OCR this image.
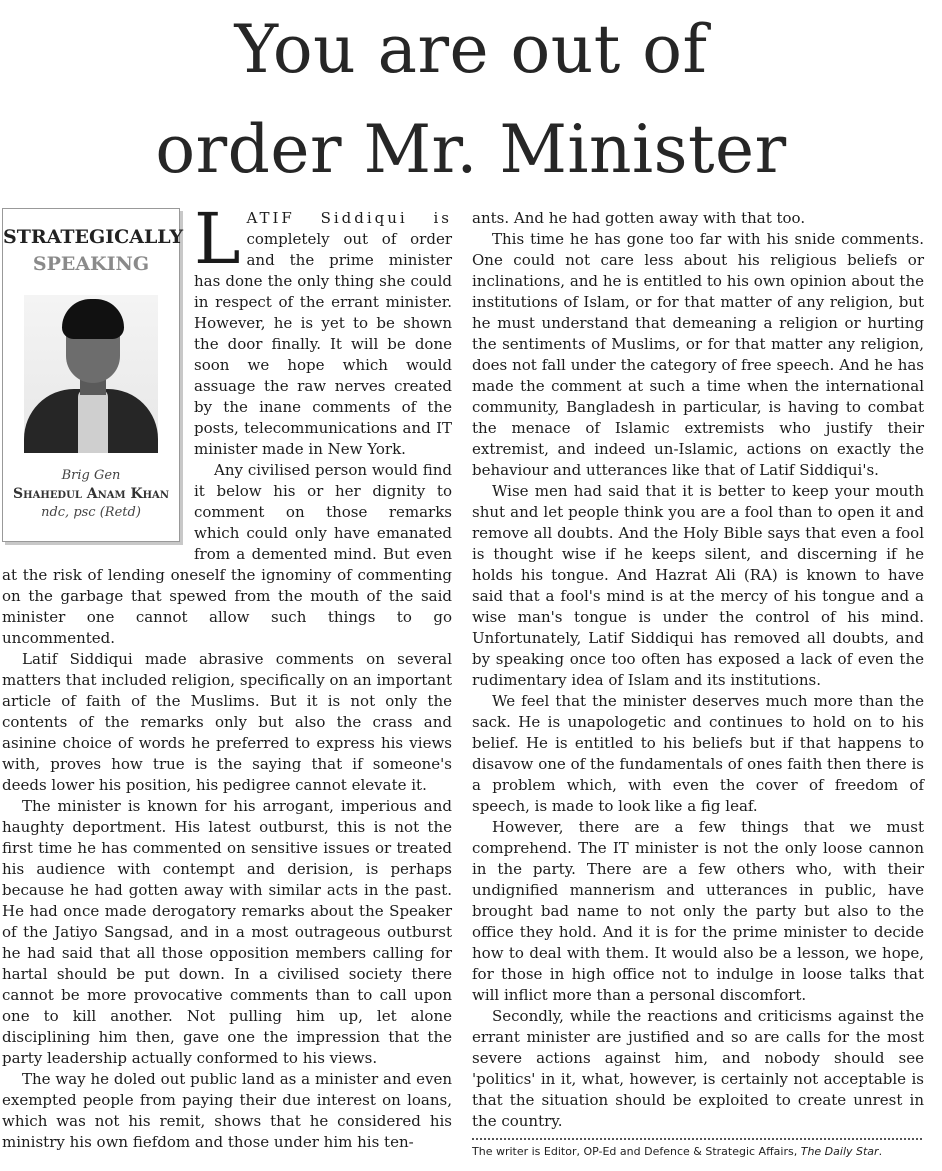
You are out of
order Mr. Minister
STRATEGICALLY
SPEAKING
Brig Gen
Shahedul Anam Khan
ndc, psc (Retd)

LATIF Siddiqui is completely out of order and the prime minister has done the only thing she could in respect of the errant minister. However, he is yet to be shown the door finally. It will be done soon we hope which would assuage the raw nerves created by the inane comments of the posts, telecommunications and IT minister made in New York.

Any civilised person would find it below his or her dignity to comment on those remarks which could only have emanated from a demented mind. But even at the risk of lending oneself the ignominy of commenting on the garbage that spewed from the mouth of the said minister one cannot allow such things to go uncommented.

Latif Siddiqui made abrasive comments on several matters that included religion, specifically on an important article of faith of the Muslims. But it is not only the contents of the remarks only but also the crass and asinine choice of words he preferred to express his views with, proves how true is the saying that if someone's deeds lower his position, his pedigree cannot elevate it.

The minister is known for his arrogant, imperious and haughty deportment. His latest outburst, this is not the first time he has commented on sensitive issues or treated his audience with contempt and derision, is perhaps because he had gotten away with similar acts in the past. He had once made derogatory remarks about the Speaker of the Jatiyo Sangsad, and in a most outrageous outburst he had said that all those opposition members calling for hartal should be put down. In a civilised society there cannot be more provocative comments than to call upon one to kill another. Not pulling him up, let alone disciplining him then, gave one the impression that the party leadership actually conformed to his views.

The way he doled out public land as a minister and even exempted people from paying their due interest on loans, which was not his remit, shows that he considered his ministry his own fiefdom and those under him his ten-

ants. And he had gotten away with that too.

This time he has gone too far with his snide comments. One could not care less about his religious beliefs or inclinations, and he is entitled to his own opinion about the institutions of Islam, or for that matter of any religion, but he must understand that demeaning a religion or hurting the sentiments of Muslims, or for that matter any religion, does not fall under the category of free speech. And he has made the comment at such a time when the international community, Bangladesh in particular, is having to combat the menace of Islamic extremists who justify their extremist, and indeed un-Islamic, actions on exactly the behaviour and utterances like that of Latif Siddiqui's.

Wise men had said that it is better to keep your mouth shut and let people think you are a fool than to open it and remove all doubts. And the Holy Bible says that even a fool is thought wise if he keeps silent, and discerning if he holds his tongue. And Hazrat Ali (RA) is known to have said that a fool's mind is at the mercy of his tongue and a wise man's tongue is under the control of his mind. Unfortunately, Latif Siddiqui has removed all doubts, and by speaking once too often has exposed a lack of even the rudimentary idea of Islam and its institutions.

We feel that the minister deserves much more than the sack. He is unapologetic and continues to hold on to his belief. He is entitled to his beliefs but if that happens to disavow one of the fundamentals of ones faith then there is a problem which, with even the cover of freedom of speech, is made to look like a fig leaf.

However, there are a few things that we must comprehend. The IT minister is not the only loose cannon in the party. There are a few others who, with their undignified mannerism and utterances in public, have brought bad name to not only the party but also to the office they hold. And it is for the prime minister to decide how to deal with them. It would also be a lesson, we hope, for those in high office not to indulge in loose talks that will inflict more than a personal discomfort.

Secondly, while the reactions and criticisms against the errant minister are justified and so are calls for the most severe actions against him, and nobody should see 'politics' in it, what, however, is certainly not acceptable is that the situation should be exploited to create unrest in the country.

The writer is Editor, OP-Ed and Defence & Strategic Affairs, The Daily Star.
